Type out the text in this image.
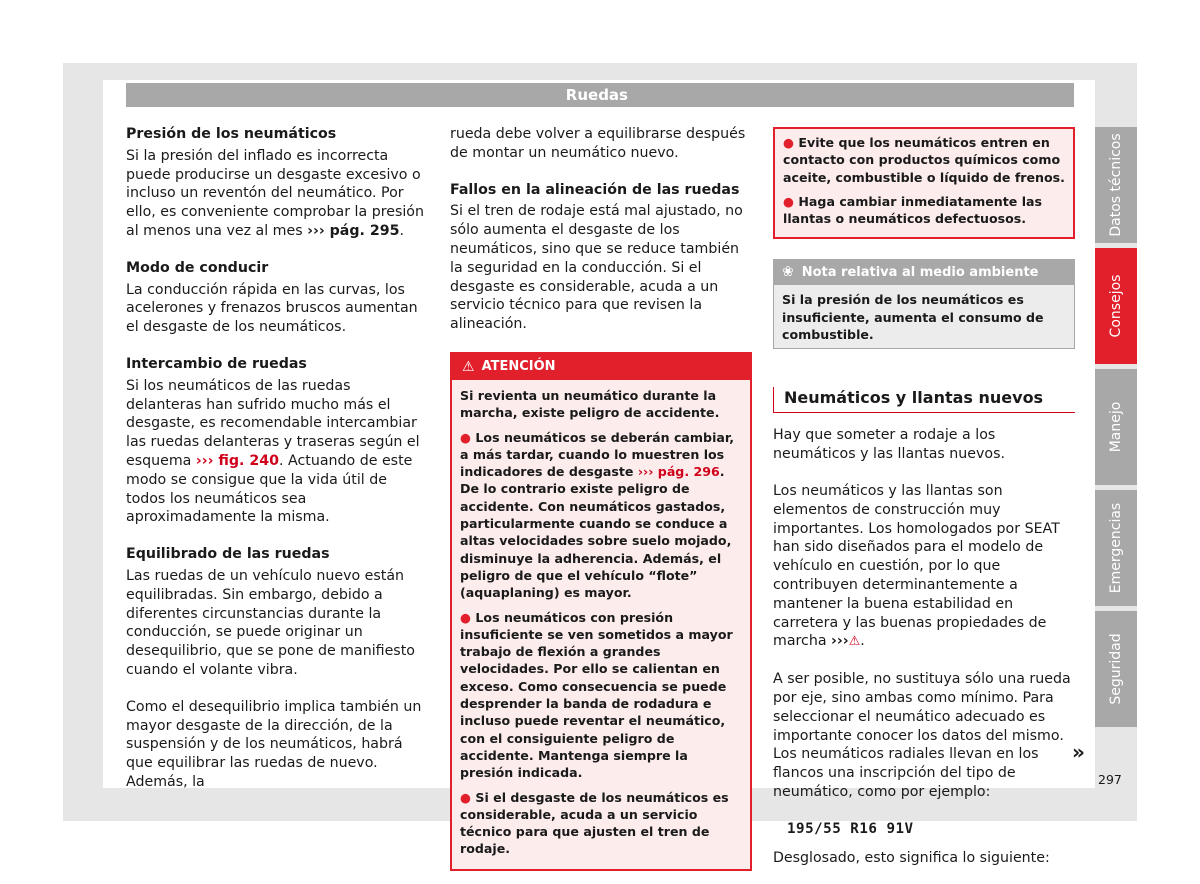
Ruedas
Presión de los neumáticos

Si la presión del inflado es incorrecta puede producirse un desgaste excesivo o incluso un reventón del neumático. Por ello, es conveniente comprobar la presión al menos una vez al mes ››› pág. 295.

Modo de conducir

La conducción rápida en las curvas, los acelerones y frenazos bruscos aumentan el desgaste de los neumáticos.

Intercambio de ruedas

Si los neumáticos de las ruedas delanteras han sufrido mucho más el desgaste, es recomendable intercambiar las ruedas delanteras y traseras según el esquema ››› fig. 240. Actuando de este modo se consigue que la vida útil de todos los neumáticos sea aproximadamente la misma.

Equilibrado de las ruedas

Las ruedas de un vehículo nuevo están equilibradas. Sin embargo, debido a diferentes circunstancias durante la conducción, se puede originar un desequilibrio, que se pone de manifiesto cuando el volante vibra.

Como el desequilibrio implica también un mayor desgaste de la dirección, de la suspensión y de los neumáticos, habrá que equilibrar las ruedas de nuevo. Además, la

rueda debe volver a equilibrarse después de montar un neumático nuevo.

Fallos en la alineación de las ruedas

Si el tren de rodaje está mal ajustado, no sólo aumenta el desgaste de los neumáticos, sino que se reduce también la seguridad en la conducción. Si el desgaste es considerable, acuda a un servicio técnico para que revisen la alineación.

⚠ ATENCIÓN

Si revienta un neumático durante la marcha, existe peligro de accidente.

● Los neumáticos se deberán cambiar, a más tardar, cuando lo muestren los indicadores de desgaste ››› pág. 296. De lo contrario existe peligro de accidente. Con neumáticos gastados, particularmente cuando se conduce a altas velocidades sobre suelo mojado, disminuye la adherencia. Además, el peligro de que el vehículo “flote” (aquaplaning) es mayor.

● Los neumáticos con presión insuficiente se ven sometidos a mayor trabajo de flexión a grandes velocidades. Por ello se calientan en exceso. Como consecuencia se puede desprender la banda de rodadura e incluso puede reventar el neumático, con el consiguiente peligro de accidente. Mantenga siempre la presión indicada.

● Si el desgaste de los neumáticos es considerable, acuda a un servicio técnico para que ajusten el tren de rodaje.

● Evite que los neumáticos entren en contacto con productos químicos como aceite, combustible o líquido de frenos.

● Haga cambiar inmediatamente las llantas o neumáticos defectuosos.

❀ Nota relativa al medio ambiente
Si la presión de los neumáticos es insuficiente, aumenta el consumo de combustible.
Neumáticos y llantas nuevos

Hay que someter a rodaje a los neumáticos y las llantas nuevos.

Los neumáticos y las llantas son elementos de construcción muy importantes. Los homologados por SEAT han sido diseñados para el modelo de vehículo en cuestión, por lo que contribuyen determinantemente a mantener la buena estabilidad en carretera y las buenas propiedades de marcha ›››⚠.

A ser posible, no sustituya sólo una rueda por eje, sino ambas como mínimo. Para seleccionar el neumático adecuado es importante conocer los datos del mismo. Los neumáticos radiales llevan en los flancos una inscripción del tipo de neumático, como por ejemplo:

195/55 R16 91V

Desglosado, esto significa lo siguiente:

»
297
Datos técnicos
Consejos
Manejo
Emergencias
Seguridad
